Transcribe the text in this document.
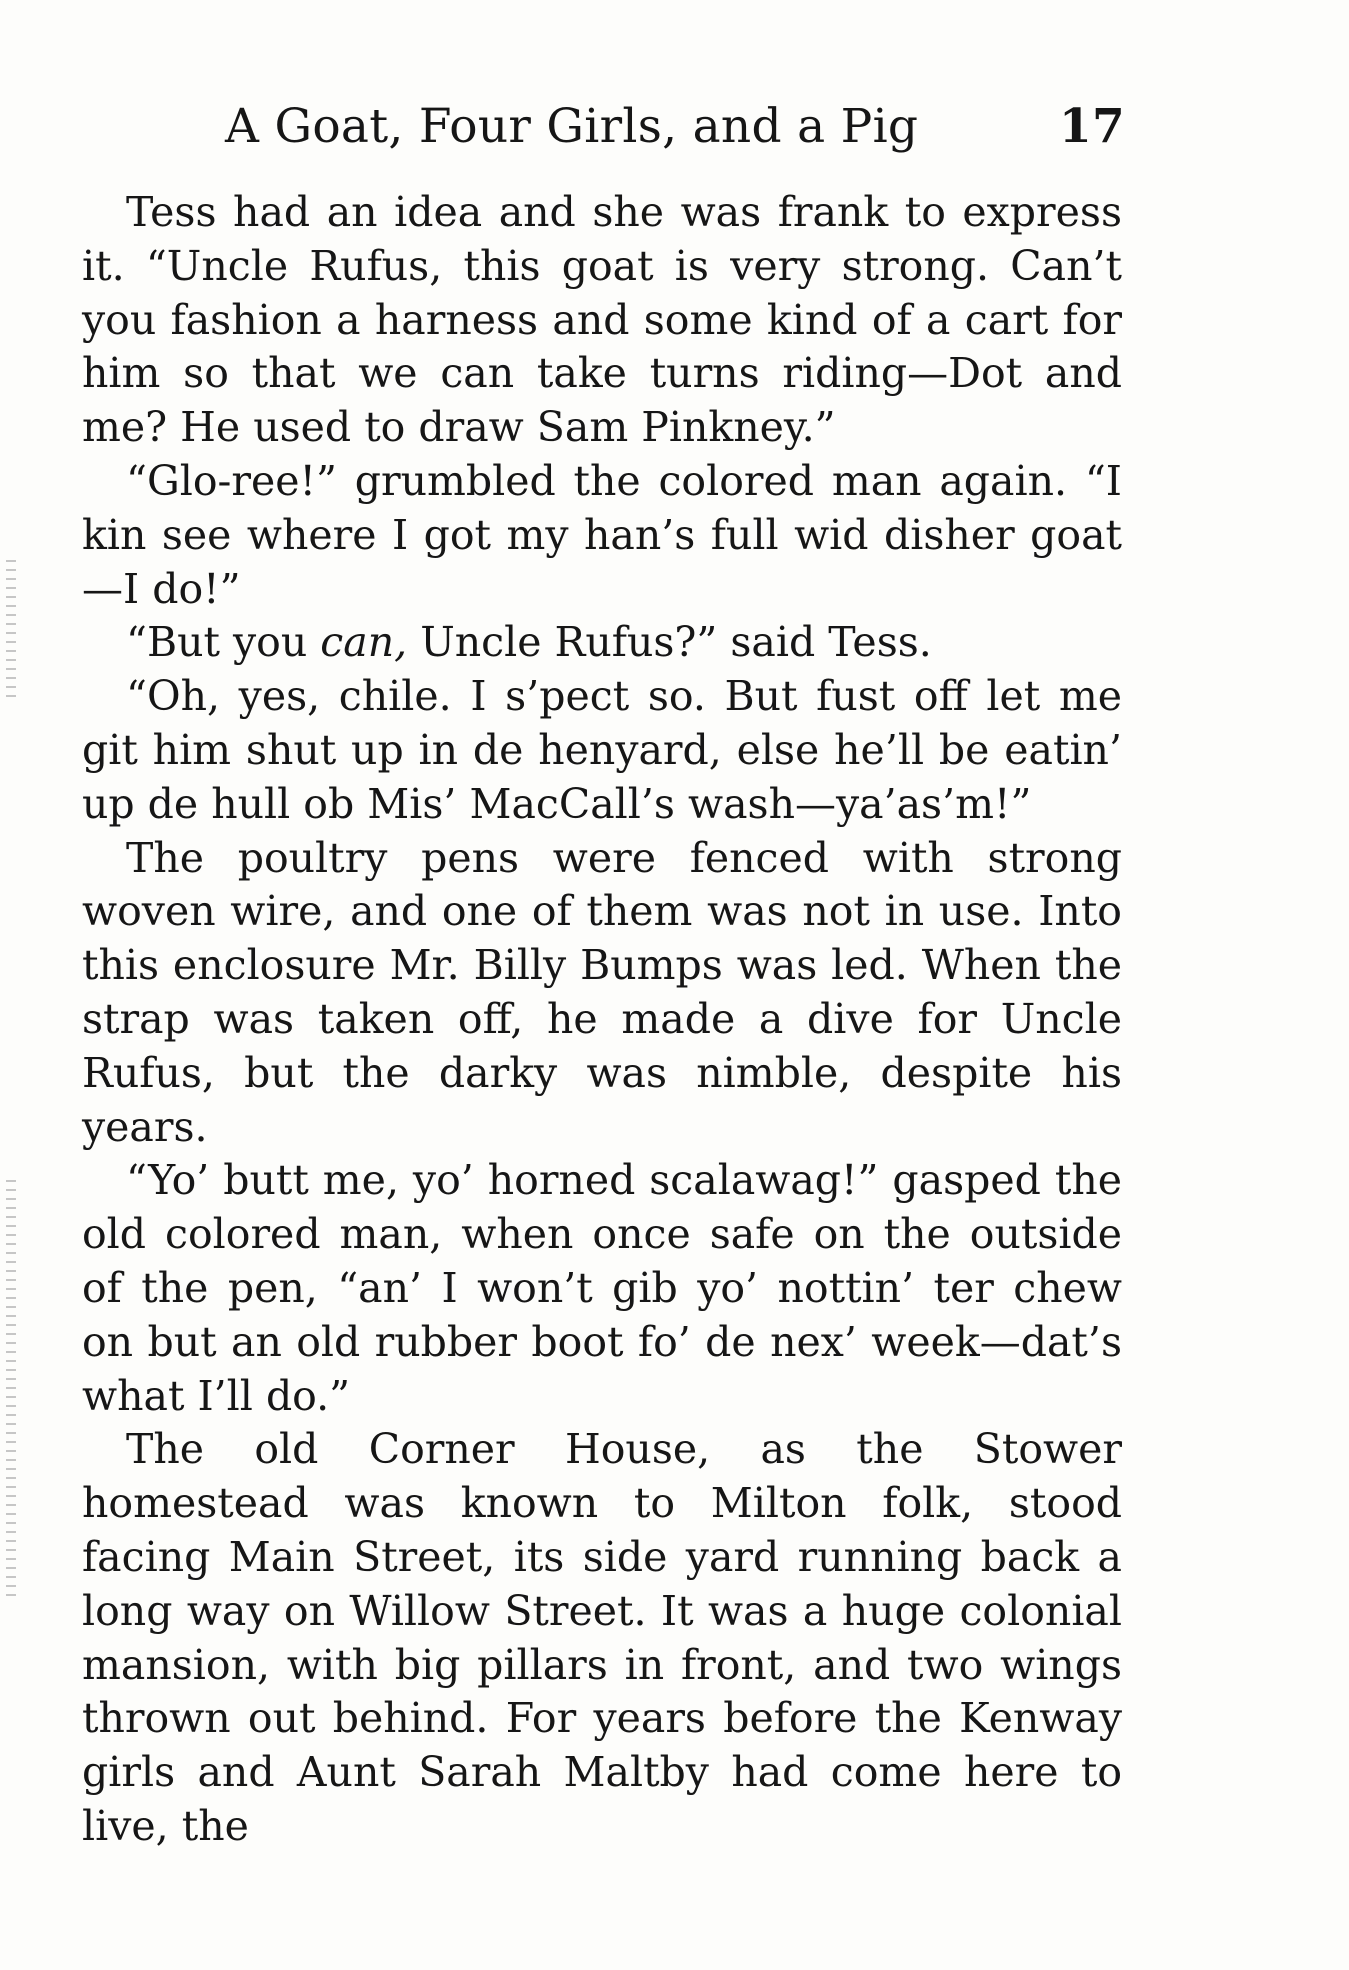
A Goat, Four Girls, and a Pig	17

Tess had an idea and she was frank to express it. “Uncle Rufus, this goat is very strong. Can’t you fashion a harness and some kind of a cart for him so that we can take turns riding—Dot and me? He used to draw Sam Pinkney.”

“Glo-ree!” grumbled the colored man again. “I kin see where I got my han’s full wid disher goat—I do!”

“But you can, Uncle Rufus?” said Tess.

“Oh, yes, chile. I s’pect so. But fust off let me git him shut up in de henyard, else he’ll be eatin’ up de hull ob Mis’ MacCall’s wash—ya’as’m!”

The poultry pens were fenced with strong woven wire, and one of them was not in use. Into this enclosure Mr. Billy Bumps was led. When the strap was taken off, he made a dive for Uncle Rufus, but the darky was nimble, despite his years.

“Yo’ butt me, yo’ horned scalawag!” gasped the old colored man, when once safe on the outside of the pen, “an’ I won’t gib yo’ nottin’ ter chew on but an old rubber boot fo’ de nex’ week—dat’s what I’ll do.”

The old Corner House, as the Stower homestead was known to Milton folk, stood facing Main Street, its side yard running back a long way on Willow Street. It was a huge colonial mansion, with big pillars in front, and two wings thrown out behind. For years before the Kenway girls and Aunt Sarah Maltby had come here to live, the
